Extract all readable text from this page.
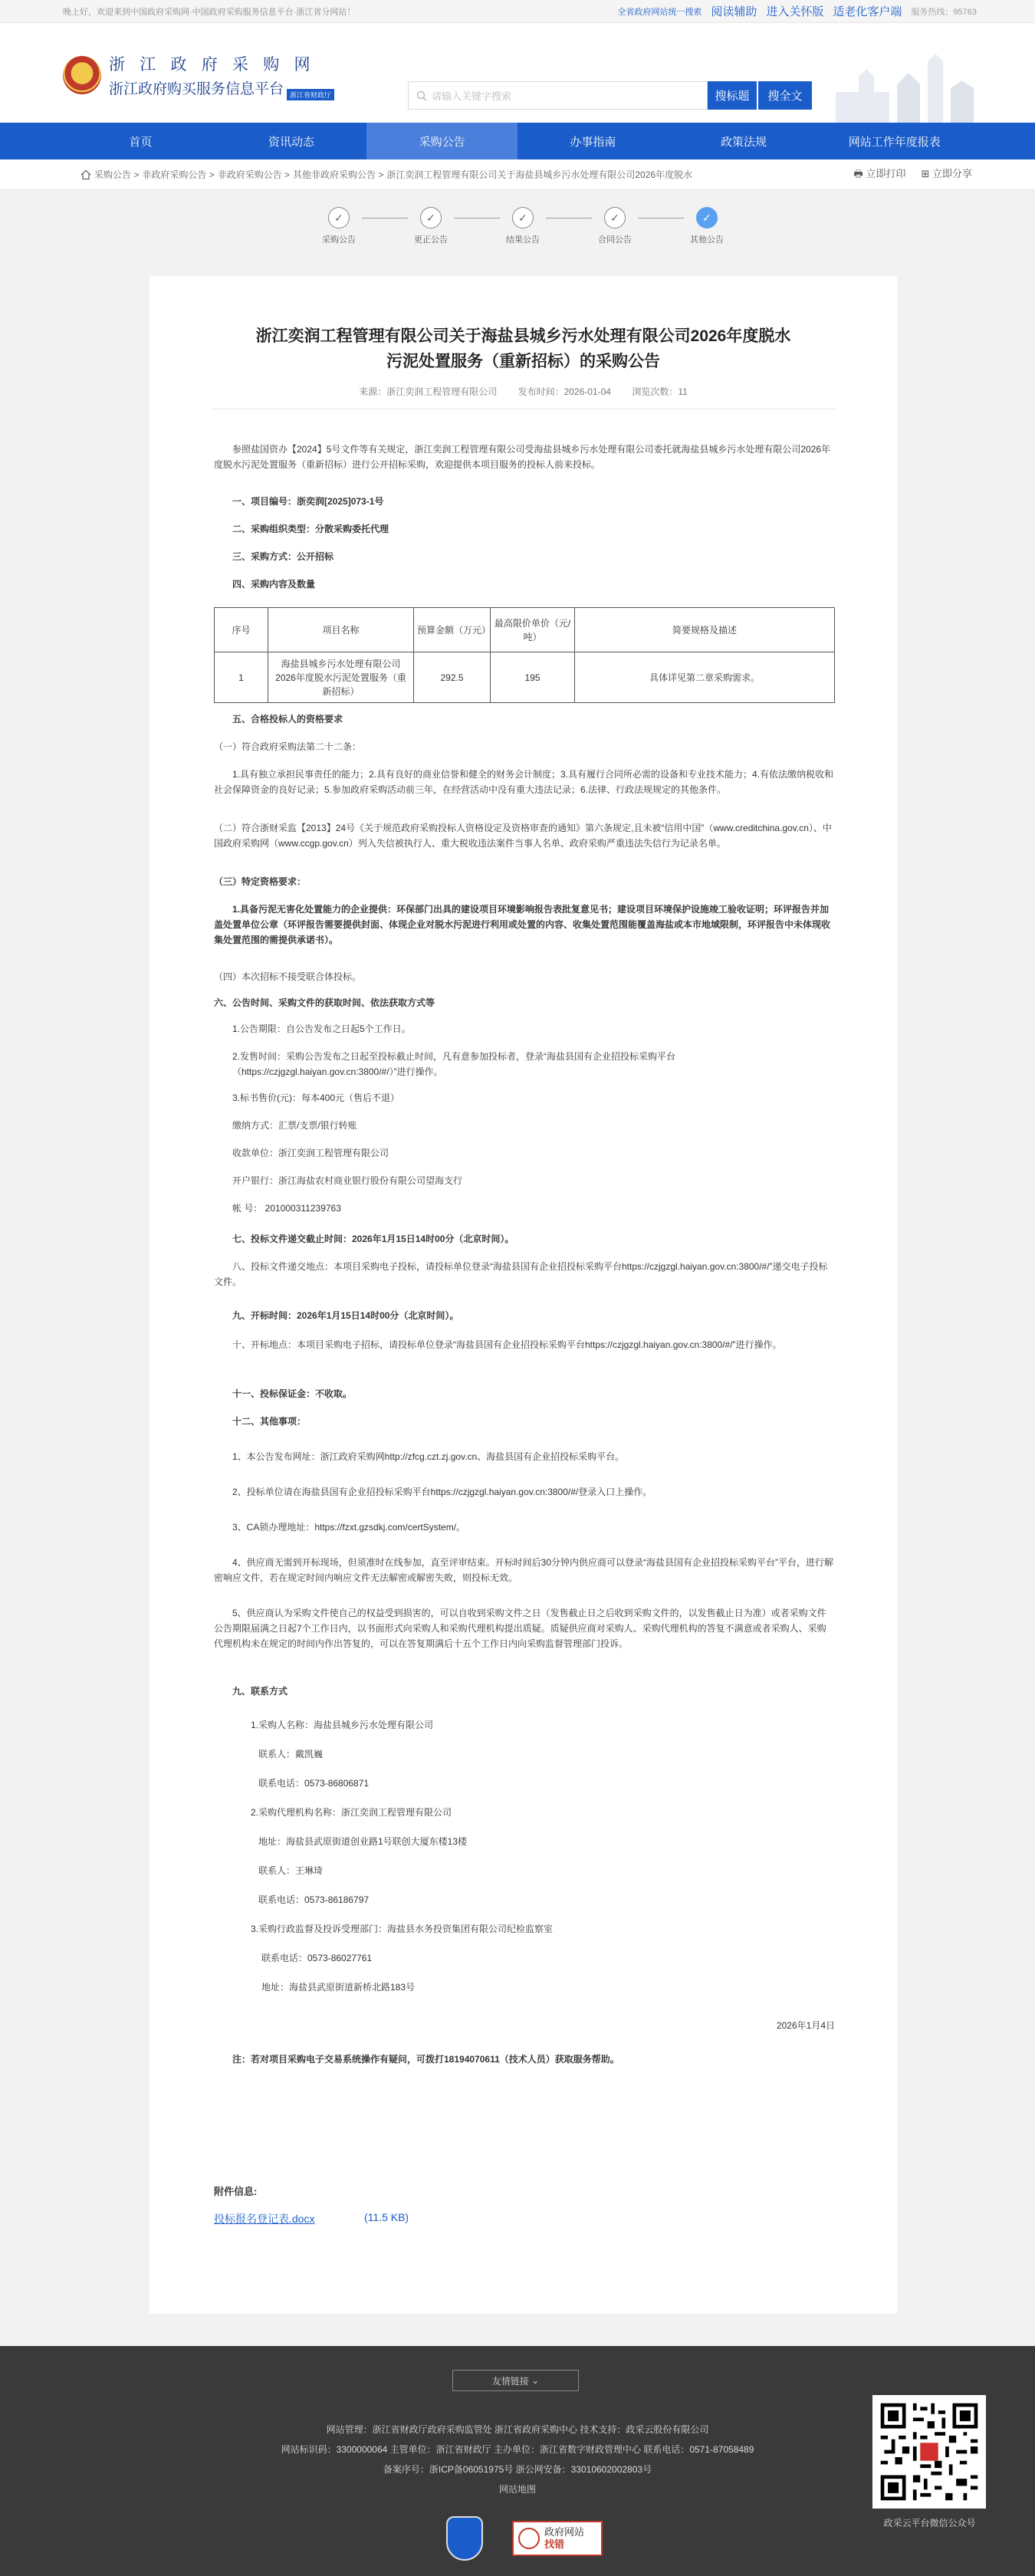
晚上好，欢迎来到中国政府采购网·中国政府采购服务信息平台·浙江省分网站！	全省政府网站统一搜索 阅读辅助 进入关怀版 适老化客户端 服务热线：95763
浙 江 政 府 采 购 网
浙江政府购买服务信息平台 浙江省财政厅	请输入关键字搜索	搜标题	搜全文
首页	资讯动态	采购公告	办事指南	政策法规	网站工作年度报表
采购公告 > 非政府采购公告 > 非政府采购公告 > 其他非政府采购公告 > 浙江奕润工程管理有限公司关于海盐县城乡污水处理有限公司2026年度脱水	🖶 立即打印 ⊞ 立即分享
✓
采购公告
✓
更正公告
✓
结果公告
✓
合同公告
✓
其他公告
浙江奕润工程管理有限公司关于海盐县城乡污水处理有限公司2026年度脱水
污泥处置服务（重新招标）的采购公告
来源：浙江奕润工程管理有限公司 发布时间：2026-01-04 浏览次数：11
参照盐国资办【2024】5号文件等有关规定，浙江奕润工程管理有限公司受海盐县城乡污水处理有限公司委托就海盐县城乡污水处理有限公司2026年度脱水污泥处置服务（重新招标）进行公开招标采购，欢迎提供本项目服务的投标人前来投标。
一、项目编号：浙奕润[2025]073-1号
二、采购组织类型：分散采购委托代理
三、采购方式：公开招标
四、采购内容及数量
序号	项目名称	预算金额（万元）	最高限价单价（元/吨）	简要规格及描述
1	海盐县城乡污水处理有限公司2026年度脱水污泥处置服务（重新招标）	292.5	195	具体详见第二章采购需求。
五、合格投标人的资格要求
（一）符合政府采购法第二十二条：
1.具有独立承担民事责任的能力；2.具有良好的商业信誉和健全的财务会计制度；3.具有履行合同所必需的设备和专业技术能力；4.有依法缴纳税收和社会保障资金的良好记录；5.参加政府采购活动前三年，在经营活动中没有重大违法记录；6.法律、行政法规规定的其他条件。
（二）符合浙财采监【2013】24号《关于规范政府采购投标人资格设定及资格审查的通知》第六条规定,且未被“信用中国”（www.creditchina.gov.cn）、中国政府采购网（www.ccgp.gov.cn）列入失信被执行人、重大税收违法案件当事人名单、政府采购严重违法失信行为记录名单。
（三）特定资格要求：
1.具备污泥无害化处置能力的企业提供：环保部门出具的建设项目环境影响报告表批复意见书；建设项目环境保护设施竣工验收证明；环评报告并加盖处置单位公章（环评报告需要提供封面、体现企业对脱水污泥进行利用或处置的内容、收集处置范围能覆盖海盐或本市地域限制，环评报告中未体现收集处置范围的需提供承诺书）。
（四）本次招标不接受联合体投标。
六、公告时间、采购文件的获取时间、依法获取方式等
1.公告期限：自公告发布之日起5个工作日。
2.发售时间：采购公告发布之日起至投标截止时间，凡有意参加投标者，登录“海盐县国有企业招投标采购平台（https://czjgzgl.haiyan.gov.cn:3800/#/）”进行操作。
3.标书售价(元)：每本400元（售后不退）
缴纳方式：汇票/支票/银行转账
收款单位：浙江奕润工程管理有限公司
开户银行：浙江海盐农村商业银行股份有限公司望海支行
帐 号： 201000311239763
七、投标文件递交截止时间：2026年1月15日14时00分（北京时间）。
八、投标文件递交地点：本项目采购电子投标，请投标单位登录“海盐县国有企业招投标采购平台https://czjgzgl.haiyan.gov.cn:3800/#/”递交电子投标文件。
九、开标时间：2026年1月15日14时00分（北京时间）。
十、开标地点：本项目采购电子招标，请投标单位登录“海盐县国有企业招投标采购平台https://czjgzgl.haiyan.gov.cn:3800/#/”进行操作。
十一、投标保证金：不收取。
十二、其他事项：
1、本公告发布网址：浙江政府采购网http://zfcg.czt.zj.gov.cn、海盐县国有企业招投标采购平台。
2、投标单位请在海盐县国有企业招投标采购平台https://czjgzgl.haiyan.gov.cn:3800/#/登录入口上操作。
3、CA锁办理地址：https://fzxt.gzsdkj.com/certSystem/。
4、供应商无需到开标现场，但须准时在线参加，直至评审结束。开标时间后30分钟内供应商可以登录“海盐县国有企业招投标采购平台”平台，进行解密响应文件，若在规定时间内响应文件无法解密或解密失败，则投标无效。
5、供应商认为采购文件使自己的权益受到损害的，可以自收到采购文件之日（发售截止日之后收到采购文件的，以发售截止日为准）或者采购文件公告期限届满之日起7个工作日内，以书面形式向采购人和采购代理机构提出质疑。质疑供应商对采购人、采购代理机构的答复不满意或者采购人、采购代理机构未在规定的时间内作出答复的，可以在答复期满后十五个工作日内向采购监督管理部门投诉。
九、联系方式
1.采购人名称：海盐县城乡污水处理有限公司
联系人：戴凯巍
联系电话：0573-86806871
2.采购代理机构名称：浙江奕润工程管理有限公司
地址：海盐县武原街道创业路1号联创大厦东楼13楼
联系人：王琳琦
联系电话：0573-86186797
3.采购行政监督及投诉受理部门：海盐县水务投资集团有限公司纪检监察室
联系电话：0573-86027761
地址：海盐县武原街道新桥北路183号
2026年1月4日
注：若对项目采购电子交易系统操作有疑问，可拨打18194070611（技术人员）获取服务帮助。
附件信息:
投标报名登记表.docx	(11.5 KB)
友情链接
⌄
网站管理：浙江省财政厅政府采购监管处 浙江省政府采购中心 技术支持：政采云股份有限公司
网站标识码：3300000064 主管单位：浙江省财政厅 主办单位：浙江省数字财政管理中心 联系电话：0571-87058489
备案序号：浙ICP备06051975号 浙公网安备：33010602002803号
网站地图
政府网站
找错
政采云平台微信公众号
